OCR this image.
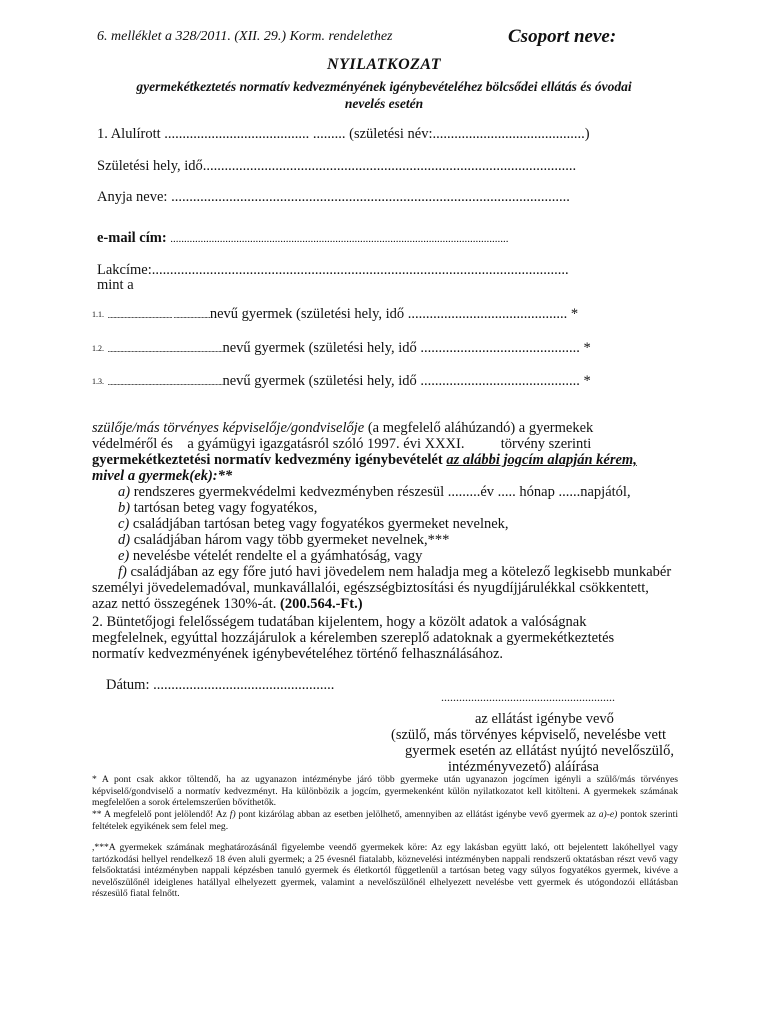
6. melléklet a 328/2011. (XII. 29.) Korm. rendelethez	Csoport neve:
NYILATKOZAT
gyermekétkeztetés normatív kedvezményének igénybevételéhez bölcsődei ellátás és óvodai
nevelés esetén
1. Alulírott ........................................ ......... (születési név:..........................................)
Születési hely, idő.......................................................................................................
Anyja neve: ..............................................................................................................
e-mail cím: ...........................................................................................................................
Lakcíme:...................................................................................................................
mint a
1.1. .............................................. ..........................nevű gyermek (születési hely, idő ............................................ *
1.2. ..................................................................................nevű gyermek (születési hely, idő ............................................ *
1.3. ..................................................................................nevű gyermek (születési hely, idő ............................................ *
szülője/más törvényes képviselője/gondviselője (a megfelelő aláhúzandó) a gyermekek
védelméről és    a gyámügyi igazgatásról szóló 1997. évi XXXI.          törvény szerinti
gyermekétkeztetési normatív kedvezmény igénybevételét az alábbi jogcím alapján kérem,
mivel a gyermek(ek):**
a) rendszeres gyermekvédelmi kedvezményben részesül .........év ..... hónap ......napjától,
b) tartósan beteg vagy fogyatékos,
c) családjában tartósan beteg vagy fogyatékos gyermeket nevelnek,
d) családjában három vagy több gyermeket nevelnek,***
e) nevelésbe vételét rendelte el a gyámhatóság, vagy
f) családjában az egy főre jutó havi jövedelem nem haladja meg a kötelező legkisebb munkabér
személyi jövedelemadóval, munkavállalói, egészségbiztosítási és nyugdíjjárulékkal csökkentett,
azaz nettó összegének 130%-át. (200.564.-Ft.)
2. Büntetőjogi felelősségem tudatában kijelentem, hogy a közölt adatok a valóságnak
megfelelnek, egyúttal hozzájárulok a kérelemben szereplő adatoknak a gyermekétkeztetés
normatív kedvezményének igénybevételéhez történő felhasználásához.
Dátum: ..................................................
..........................................................
az ellátást igénybe vevő
(szülő, más törvényes képviselő, nevelésbe vett
gyermek esetén az ellátást nyújtó nevelőszülő,
intézményvezető) aláírása
* A pont csak akkor töltendő, ha az ugyanazon intézménybe járó több gyermeke után ugyanazon jogcímen igényli a szülő/más törvényes képviselő/gondviselő a normatív kedvezményt. Ha különbözik a jogcím, gyermekenként külön nyilatkozatot kell kitölteni. A gyermekek számának megfelelően a sorok értelemszerűen bővíthetők.
** A megfelelő pont jelölendő! Az f) pont kizárólag abban az esetben jelölhető, amennyiben az ellátást igénybe vevő gyermek az a)-e) pontok szerinti feltételek egyikének sem felel meg.
,***A gyermekek számának meghatározásánál figyelembe veendő gyermekek köre: Az egy lakásban együtt lakó, ott bejelentett lakóhellyel vagy tartózkodási hellyel rendelkező 18 éven aluli gyermek; a 25 évesnél fiatalabb, köznevelési intézményben nappali rendszerű oktatásban részt vevő vagy felsőoktatási intézményben nappali képzésben tanuló gyermek és életkortól függetlenül a tartósan beteg vagy súlyos fogyatékos gyermek, kivéve a nevelőszülőnél ideiglenes hatállyal elhelyezett gyermek, valamint a nevelőszülőnél elhelyezett nevelésbe vett gyermek és utógondozói ellátásban részesülő fiatal felnőtt.
